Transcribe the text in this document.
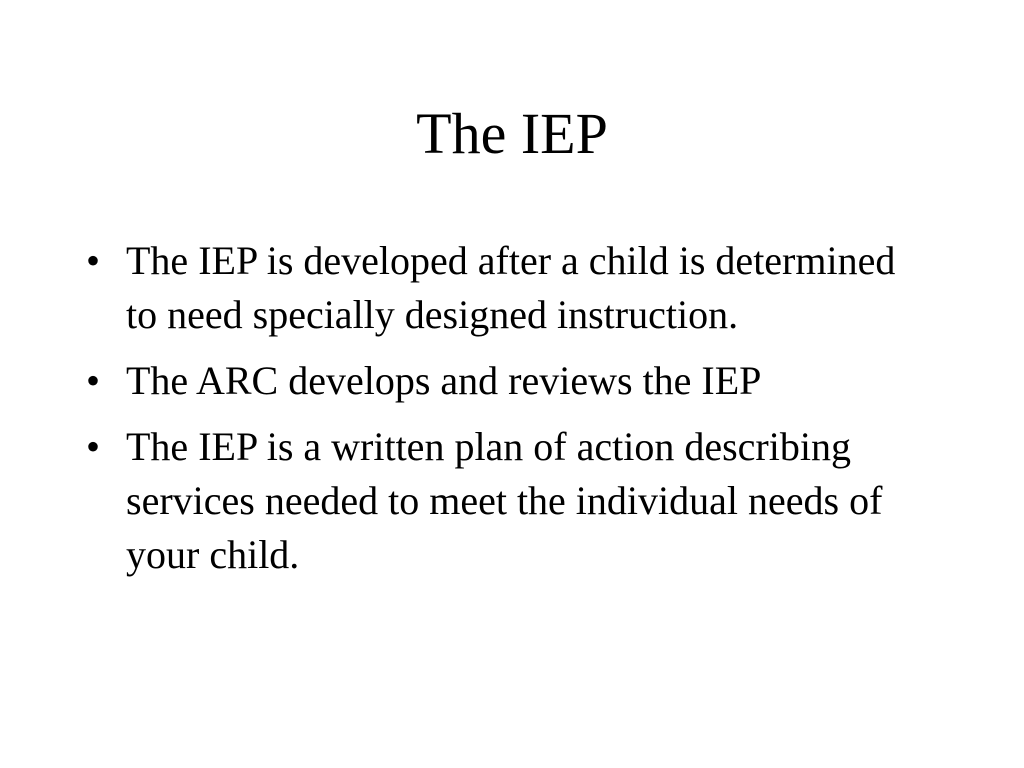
The IEP
• The IEP is developed after a child is determined to need specially designed instruction.
• The ARC develops and reviews the IEP
• The IEP is a written plan of action describing services needed to meet the individual needs of your child.
